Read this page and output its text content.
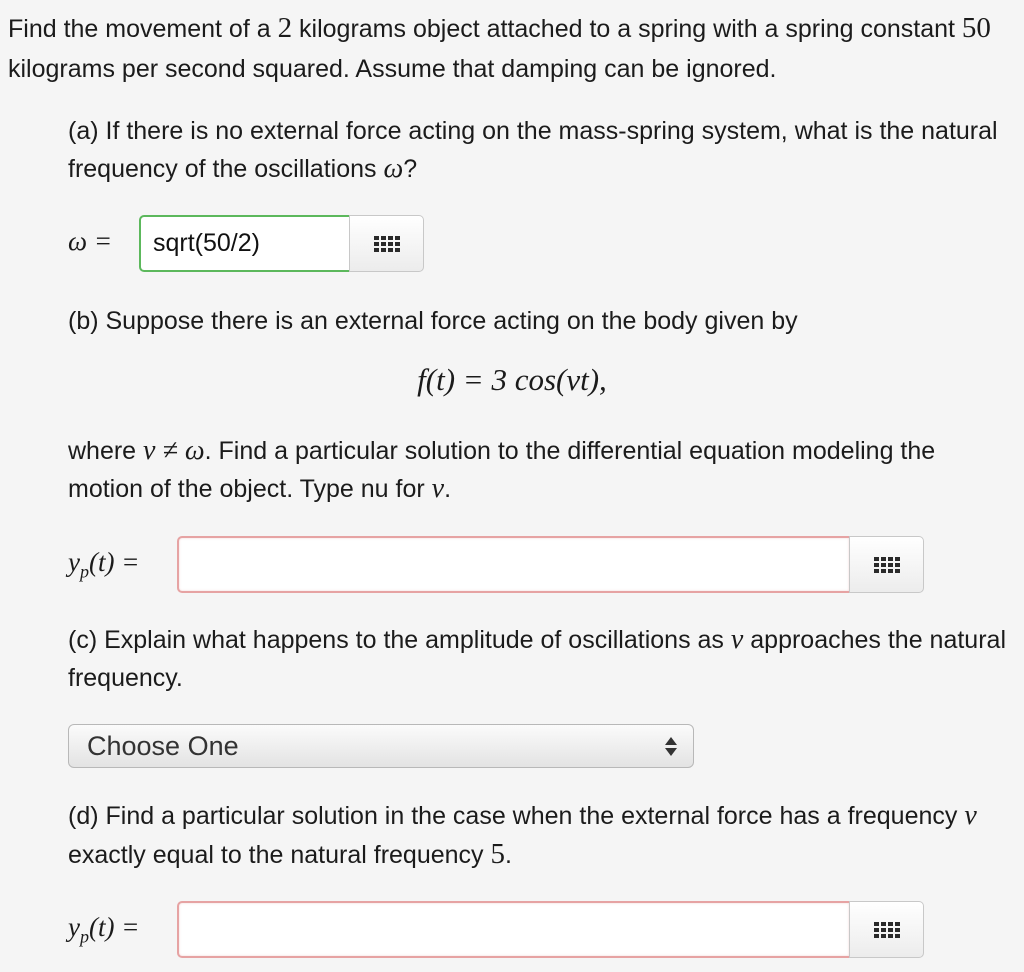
Find the movement of a 2 kilograms object attached to a spring with a spring constant 50 kilograms per second squared. Assume that damping can be ignored.
(a) If there is no external force acting on the mass-spring system, what is the natural frequency of the oscillations ω?
ω =
sqrt(50/2)
(b) Suppose there is an external force acting on the body given by
f(t) = 3 cos(νt),
where ν ≠ ω. Find a particular solution to the differential equation modeling the motion of the object. Type nu for ν.
$y_p(t)$ =
(c) Explain what happens to the amplitude of oscillations as ν approaches the natural frequency.
Choose One
(d) Find a particular solution in the case when the external force has a frequency ν exactly equal to the natural frequency 5.
$y_p(t)$ =
